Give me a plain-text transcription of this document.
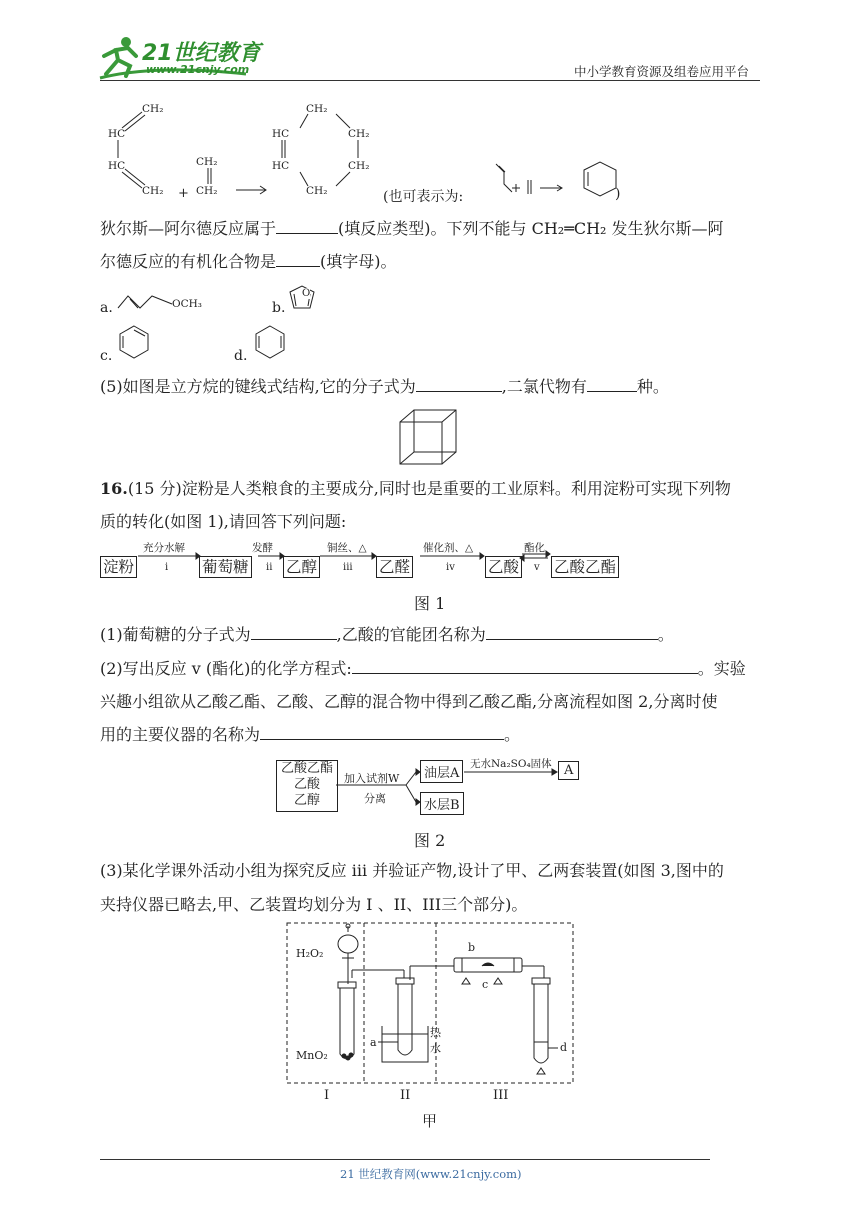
21世纪教育
www.21cnjy.com	中小学教育资源及组卷应用平台
CH₂
HC
HC
CH₂
CH₂
CH₂
+
CH₂
HC	CH₂
HC	CH₂
CH₂	(也可表示为:	)
狄尔斯—阿尔德反应属于	(填反应类型)。下列不能与 CH₂═CH₂ 发生狄尔斯—阿
尔德反应的有机化合物是	(填字母)。
a.	OCH₃	b.
O
c.	d.
(5)如图是立方烷的键线式结构,它的分子式为	,二氯代物有	种。
16.(15 分)淀粉是人类粮食的主要成分,同时也是重要的工业原料。利用淀粉可实现下列物
质的转化(如图 1),请回答下列问题:
淀粉	葡萄糖 乙醇	乙醛	乙酸 乙酸乙酯
充分水解	发酵	铜丝、△	催化剂、△	酯化
i	ii	iii	iv	v
图 1
(1)葡萄糖的分子式为	,乙酸的官能团名称为	。
(2)写出反应 v (酯化)的化学方程式:	。实验
兴趣小组欲从乙酸乙酯、乙酸、乙醇的混合物中得到乙酸乙酯,分离流程如图 2,分离时使
用的主要仪器的名称为	。
乙酸乙酯
乙酸
乙醇
油层A
水层B
A
加入试剂W
分离
无水Na₂SO₄固体
图 2
(3)某化学课外活动小组为探究反应 iii 并验证产物,设计了甲、乙两套装置(如图 3,图中的
夹持仪器已略去,甲、乙装置均划分为 I 、II、III三个部分)。
H₂O₂
MnO₂
a
b
c
d
热
水
I	II	III
甲
21 世纪教育网(www.21cnjy.com)
